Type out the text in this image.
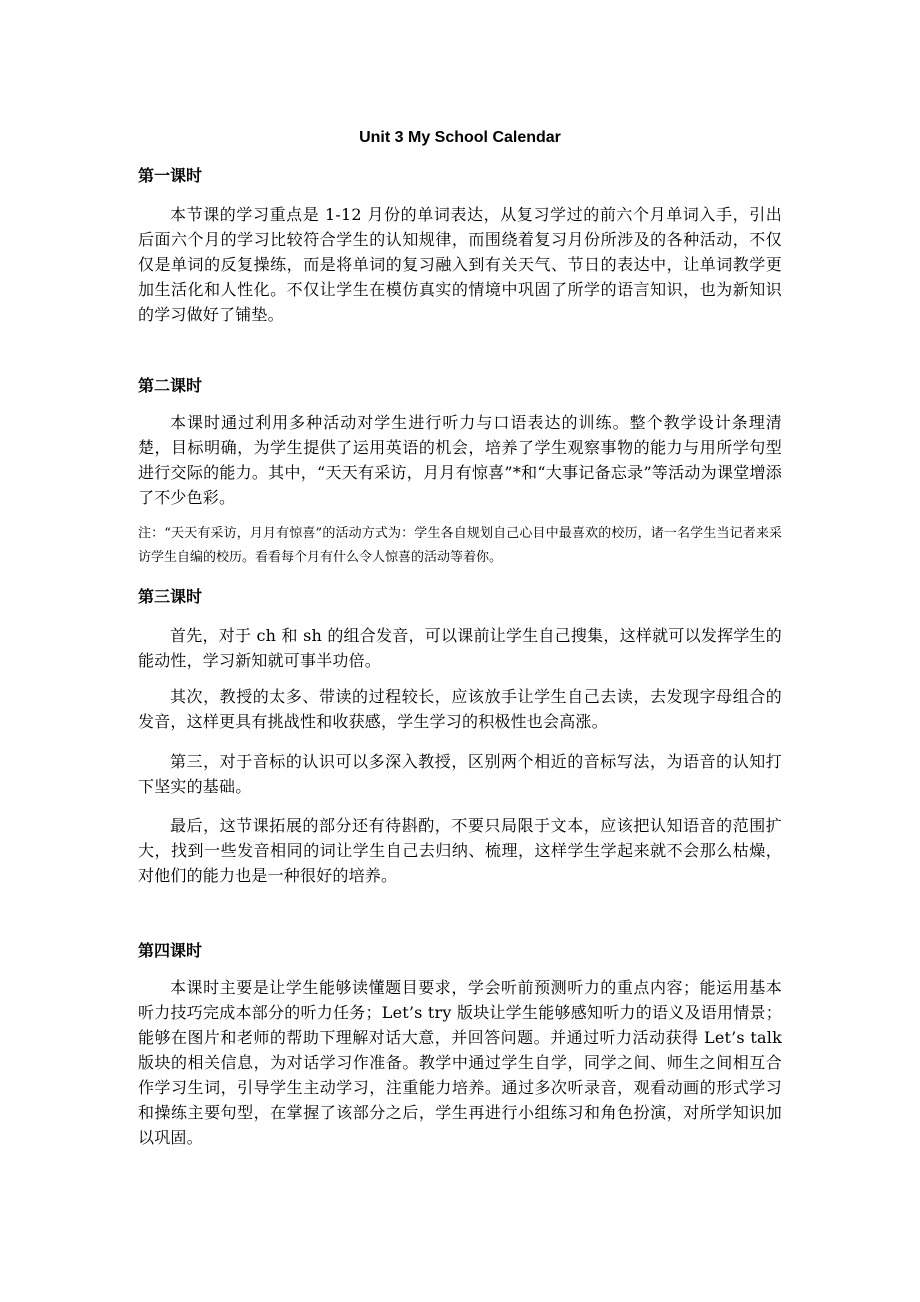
Unit 3 My School Calendar
第一课时

本节课的学习重点是 1-12 月份的单词表达，从复习学过的前六个月单词入手，引出后面六个月的学习比较符合学生的认知规律，而围绕着复习月份所涉及的各种活动，不仅仅是单词的反复操练，而是将单词的复习融入到有关天气、节日的表达中，让单词教学更加生活化和人性化。不仅让学生在模仿真实的情境中巩固了所学的语言知识，也为新知识的学习做好了铺垫。

第二课时

本课时通过利用多种活动对学生进行听力与口语表达的训练。整个教学设计条理清楚，目标明确，为学生提供了运用英语的机会，培养了学生观察事物的能力与用所学句型进行交际的能力。其中，“天天有采访，月月有惊喜”*和“大事记备忘录”等活动为课堂增添了不少色彩。

注：“天天有采访，月月有惊喜”的活动方式为：学生各自规划自己心目中最喜欢的校历，诸一名学生当记者来采访学生自编的校历。看看每个月有什么令人惊喜的活动等着你。

第三课时

首先，对于 ch 和 sh 的组合发音，可以课前让学生自己搜集，这样就可以发挥学生的能动性，学习新知就可事半功倍。

其次，教授的太多、带读的过程较长，应该放手让学生自己去读，去发现字母组合的发音，这样更具有挑战性和收获感，学生学习的积极性也会高涨。

第三，对于音标的认识可以多深入教授，区别两个相近的音标写法，为语音的认知打下坚实的基础。

最后，这节课拓展的部分还有待斟酌，不要只局限于文本，应该把认知语音的范围扩大，找到一些发音相同的词让学生自己去归纳、梳理，这样学生学起来就不会那么枯燥，对他们的能力也是一种很好的培养。

第四课时

本课时主要是让学生能够读懂题目要求，学会听前预测听力的重点内容；能运用基本听力技巧完成本部分的听力任务；Let’s try 版块让学生能够感知听力的语义及语用情景；能够在图片和老师的帮助下理解对话大意，并回答问题。并通过听力活动获得 Let’s talk 版块的相关信息，为对话学习作准备。教学中通过学生自学，同学之间、师生之间相互合作学习生词，引导学生主动学习，注重能力培养。通过多次听录音，观看动画的形式学习和操练主要句型，在掌握了该部分之后，学生再进行小组练习和角色扮演，对所学知识加以巩固。
